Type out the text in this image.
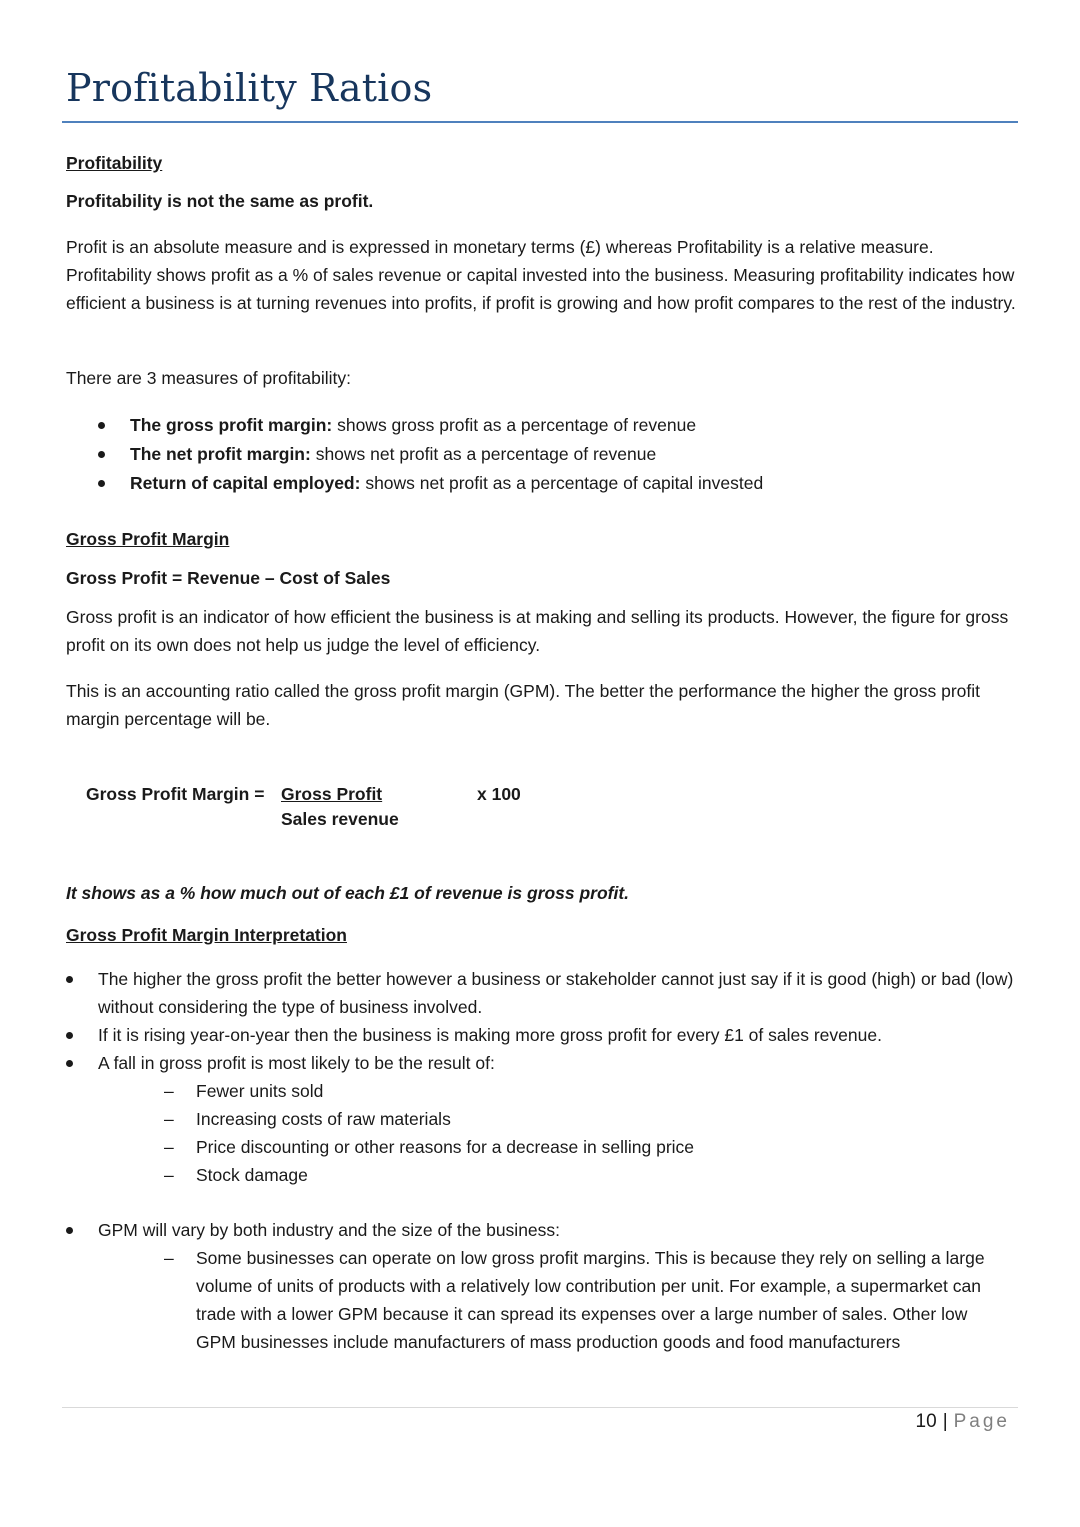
Profitability Ratios
Profitability
Profitability is not the same as profit.
Profit is an absolute measure and is expressed in monetary terms (£) whereas Profitability is a relative measure. Profitability shows profit as a % of sales revenue or capital invested into the business. Measuring profitability indicates how efficient a business is at turning revenues into profits, if profit is growing and how profit compares to the rest of the industry.
There are 3 measures of profitability:
The gross profit margin: shows gross profit as a percentage of revenue
The net profit margin: shows net profit as a percentage of revenue
Return of capital employed: shows net profit as a percentage of capital invested
Gross Profit Margin
Gross Profit = Revenue – Cost of Sales
Gross profit is an indicator of how efficient the business is at making and selling its products. However, the figure for gross profit on its own does not help us judge the level of efficiency.
This is an accounting ratio called the gross profit margin (GPM). The better the performance the higher the gross profit margin percentage will be.
Gross Profit Margin = Gross Profit
Sales revenue
x 100
It shows as a % how much out of each £1 of revenue is gross profit.
Gross Profit Margin Interpretation
The higher the gross profit the better however a business or stakeholder cannot just say if it is good (high) or bad (low) without considering the type of business involved.
If it is rising year-on-year then the business is making more gross profit for every £1 of sales revenue.
A fall in gross profit is most likely to be the result of:
– Fewer units sold
– Increasing costs of raw materials
– Price discounting or other reasons for a decrease in selling price
– Stock damage
GPM will vary by both industry and the size of the business:
– Some businesses can operate on low gross profit margins. This is because they rely on selling a large volume of units of products with a relatively low contribution per unit. For example, a supermarket can trade with a lower GPM because it can spread its expenses over a large number of sales. Other low GPM businesses include manufacturers of mass production goods and food manufacturers
10 | Page
